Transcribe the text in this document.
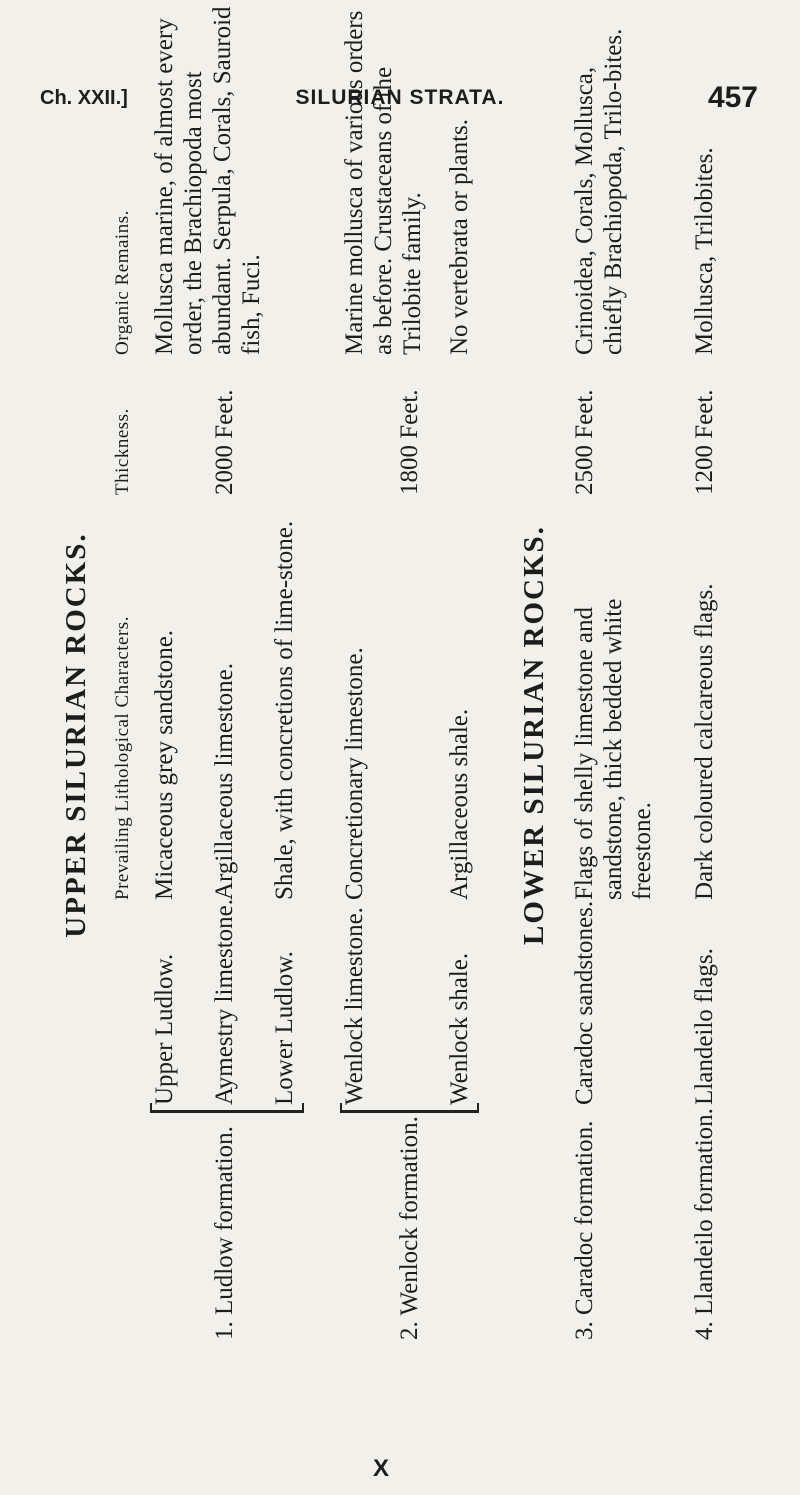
Ch. XXII.]	SILURIAN STRATA.	457
UPPER SILURIAN ROCKS. Prevailing Lithological Characters.
Thickness.
Organic Remains.
Upper Ludlow.
Micaceous grey sandstone.
Mollusca marine, of almost every order, the Brachiopoda most abundant. Serpula, Corals, Sauroid fish, Fuci.
1. Ludlow formation.
Aymestry limestone.
Argillaceous limestone.
2000 Feet.
Lower Ludlow.
Shale, with concretions of lime-stone.
Wenlock limestone.
Concretionary limestone.
Marine mollusca of various orders as before. Crustaceans of the Trilobite family.
2. Wenlock formation.
1800 Feet.
Wenlock shale.
Argillaceous shale.
No vertebrata or plants.
LOWER SILURIAN ROCKS.
3. Caradoc formation.
Caradoc sandstones.
Flags of shelly limestone and sandstone, thick bedded white freestone.
2500 Feet.
Crinoidea, Corals, Mollusca, chiefly Brachiopoda, Trilo-bites.
4. Llandeilo formation.
Llandeilo flags.
Dark coloured calcareous flags.
1200 Feet.
Mollusca, Trilobites.
X
